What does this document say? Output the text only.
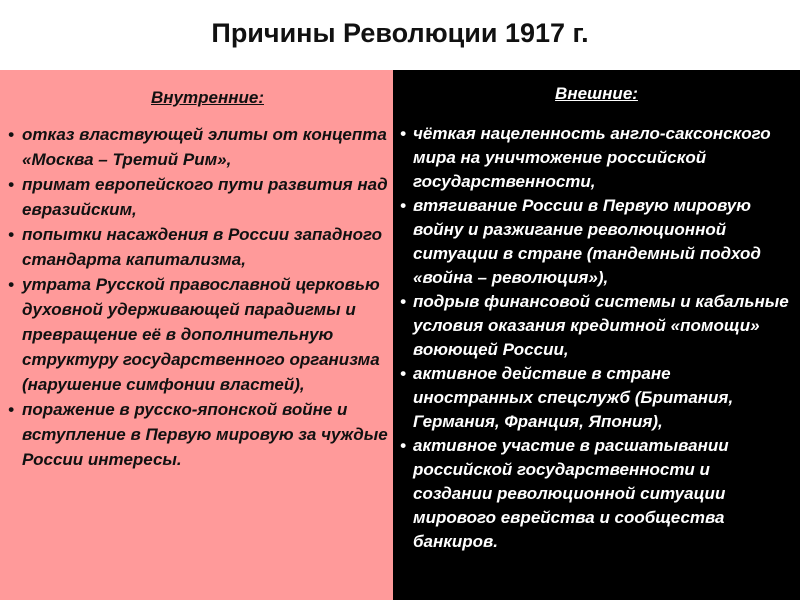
Причины Революции 1917 г.
Внутренние:
• отказ властвующей элиты от концепта «Москва – Третий Рим»,
• примат европейского пути развития над евразийским,
• попытки насаждения в России западного стандарта капитализма,
• утрата Русской православной церковью духовной удерживающей парадигмы и превращение её в дополнительную структуру государственного организма (нарушение симфонии властей),
• поражение в русско-японской войне и вступление в Первую мировую за чуждые России интересы.
Внешние:
• чёткая нацеленность англо-саксонского мира на уничтожение российской государственности,
• втягивание России в Первую мировую войну и разжигание революционной ситуации в стране (тандемный подход «война – революция»),
• подрыв финансовой системы и кабальные условия оказания кредитной «помощи» воюющей России,
• активное действие в стране иностранных спецслужб (Британия, Германия, Франция, Япония),
• активное участие в расшатывании российской государственности и создании революционной ситуации мирового еврейства и сообщества банкиров.
